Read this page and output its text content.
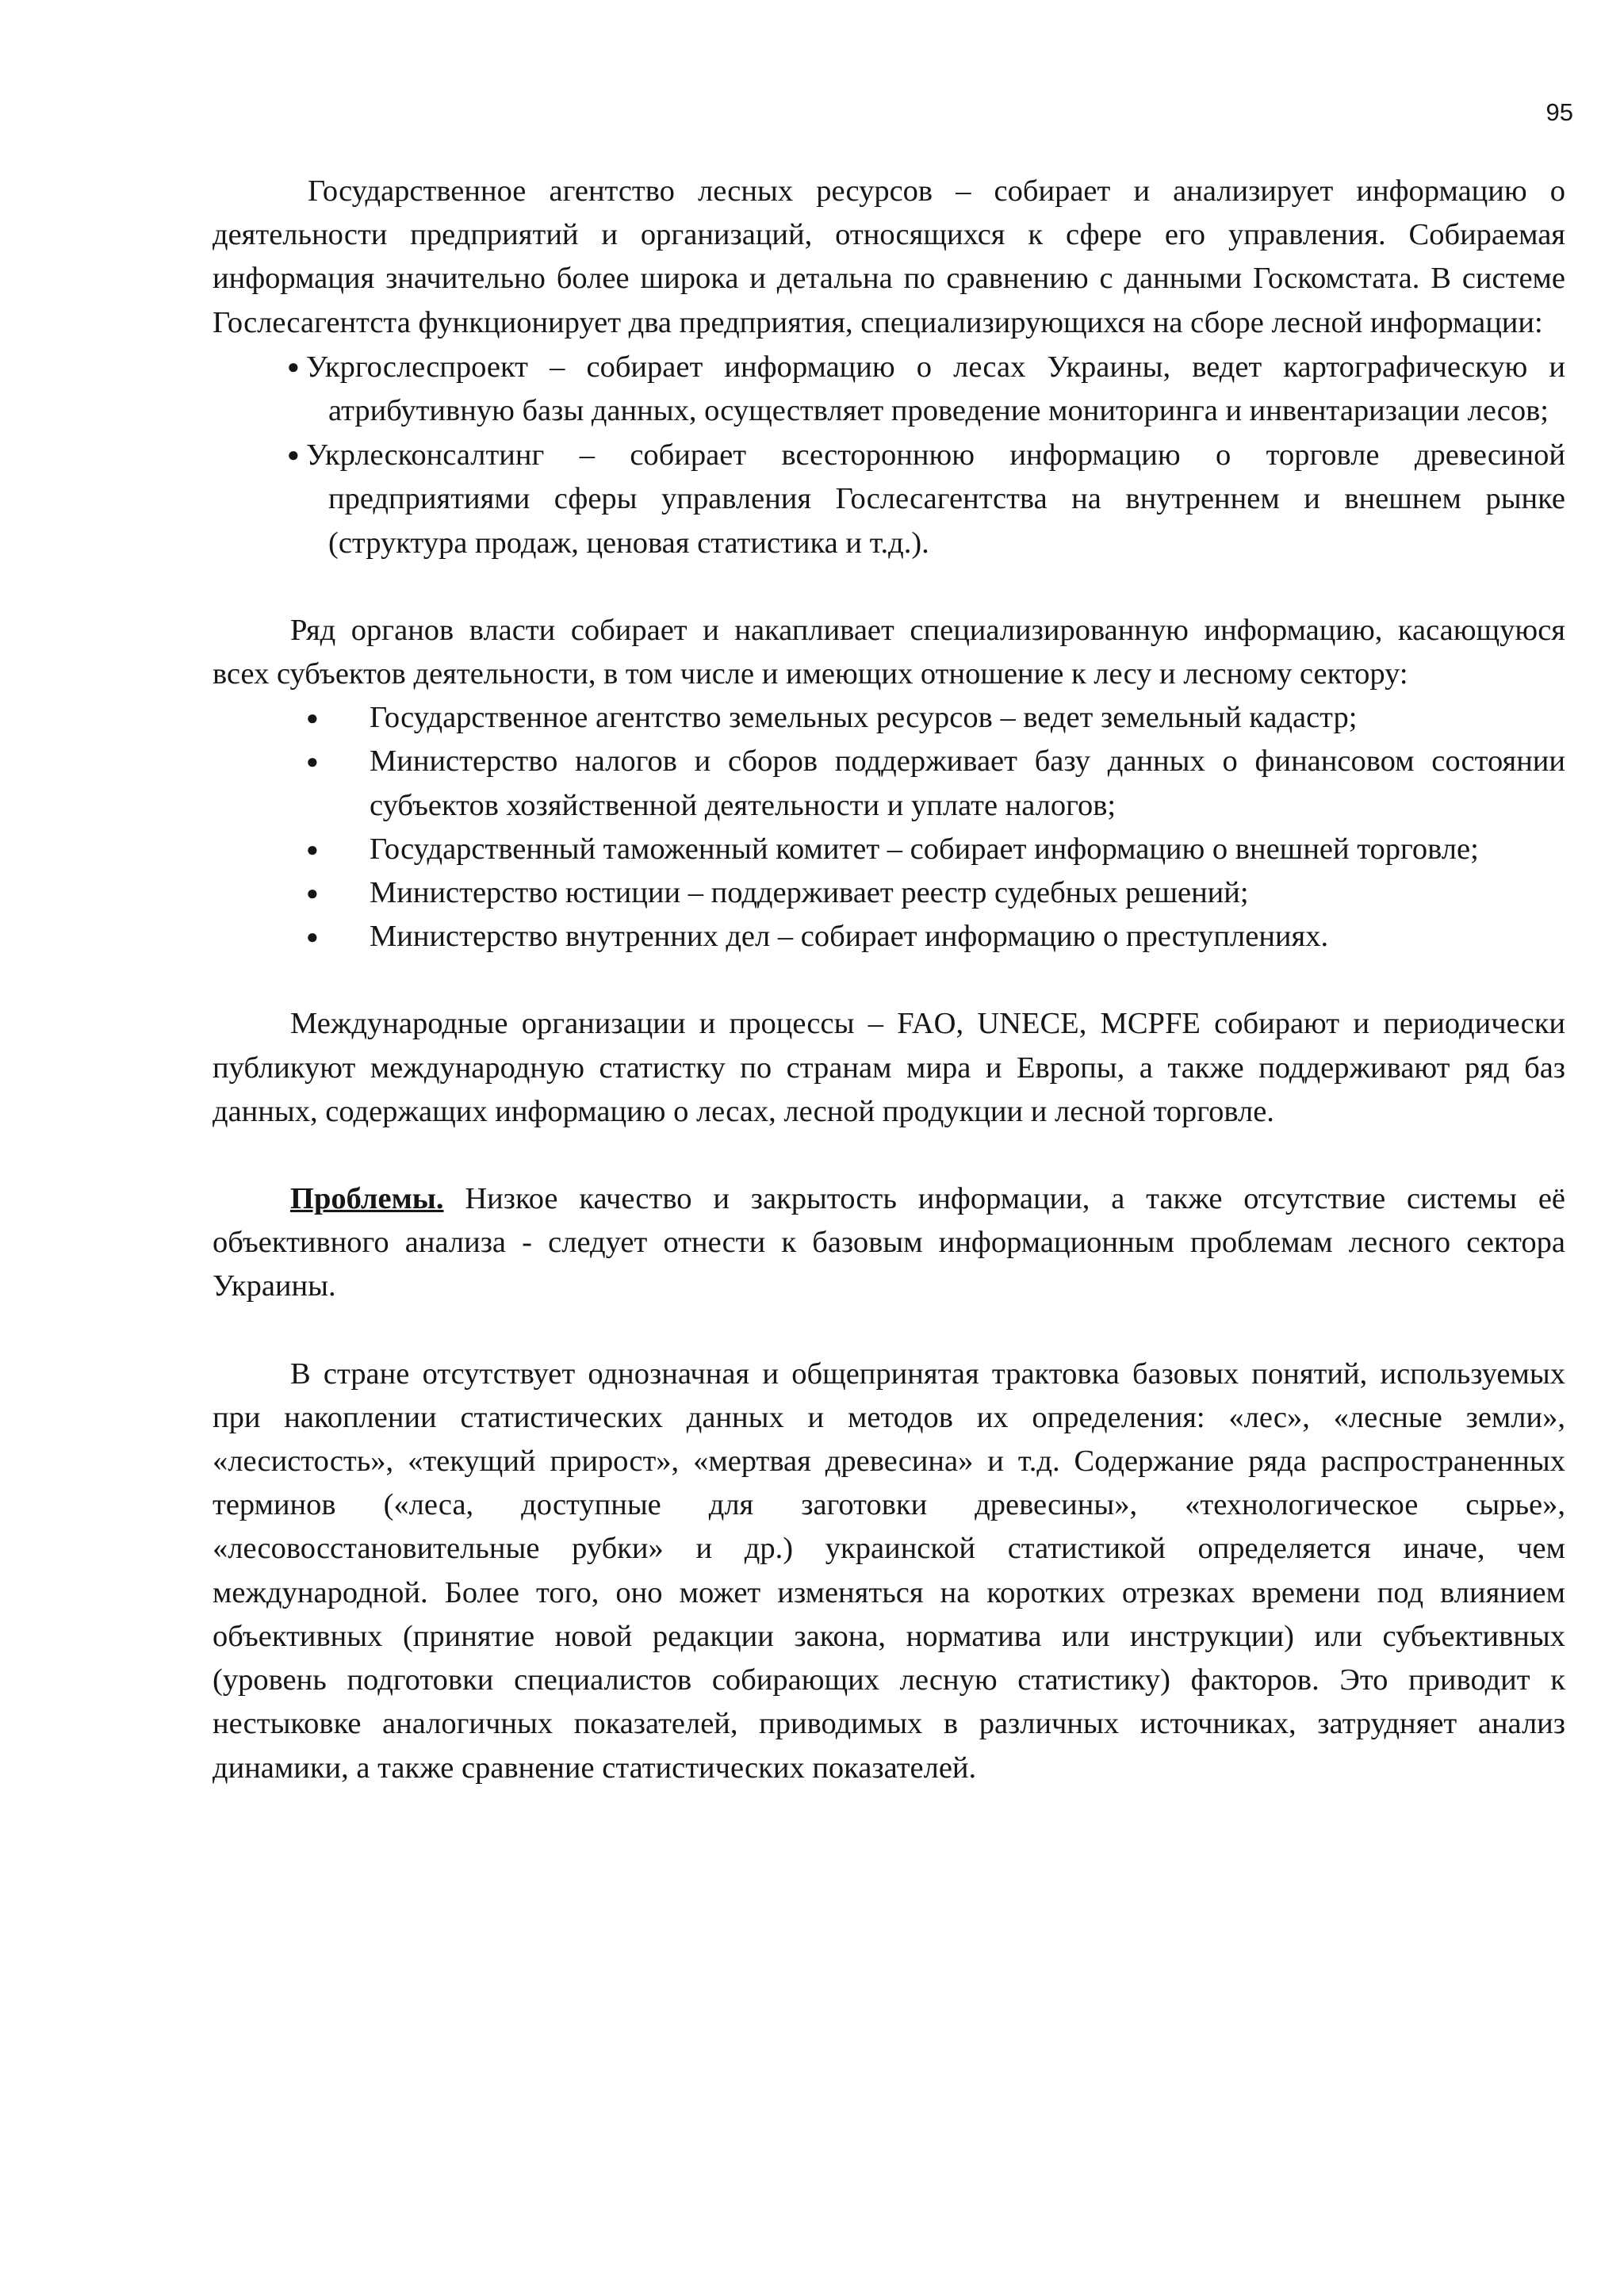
95

Государственное агентство лесных ресурсов – собирает и анализирует информацию о деятельности предприятий и организаций, относящихся к сфере его управления. Собираемая информация значительно более широка и детальна по сравнению с данными Госкомстата. В системе Гослесагентста функционирует два предприятия, специализирующихся на сборе лесной информации:

● Укргослеспроект – собирает информацию о лесах Украины, ведет картографическую и атрибутивную базы данных, осуществляет проведение мониторинга и инвентаризации лесов;
● Укрлесконсалтинг – собирает всестороннюю информацию о торговле древесиной предприятиями сферы управления Гослесагентства на внутреннем и внешнем рынке (структура продаж, ценовая статистика и т.д.).

Ряд органов власти собирает и накапливает специализированную информацию, касающуюся всех субъектов деятельности, в том числе и имеющих отношение к лесу и лесному сектору:

● Государственное агентство земельных ресурсов – ведет земельный кадастр;
● Министерство налогов и сборов поддерживает базу данных о финансовом состоянии субъектов хозяйственной деятельности и уплате налогов;
● Государственный таможенный комитет – собирает информацию о внешней торговле;
● Министерство юстиции – поддерживает реестр судебных решений;
● Министерство внутренних дел – собирает информацию о преступлениях.

Международные организации и процессы – FAO, UNECE, MCPFE собирают и периодически публикуют международную статистку по странам мира и Европы, а также поддерживают ряд баз данных, содержащих информацию о лесах, лесной продукции и лесной торговле.

Проблемы. Низкое качество и закрытость информации, а также отсутствие системы её объективного анализа - следует отнести к базовым информационным проблемам лесного сектора Украины.

В стране отсутствует однозначная и общепринятая трактовка базовых понятий, используемых при накоплении статистических данных и методов их определения: «лес», «лесные земли», «лесистость», «текущий прирост», «мертвая древесина» и т.д. Содержание ряда распространенных терминов («леса, доступные для заготовки древесины», «технологическое сырье», «лесовосстановительные рубки» и др.) украинской статистикой определяется иначе, чем международной. Более того, оно может изменяться на коротких отрезках времени под влиянием объективных (принятие новой редакции закона, норматива или инструкции) или субъективных (уровень подготовки специалистов собирающих лесную статистику) факторов. Это приводит к нестыковке аналогичных показателей, приводимых в различных источниках, затрудняет анализ динамики, а также сравнение статистических показателей.
